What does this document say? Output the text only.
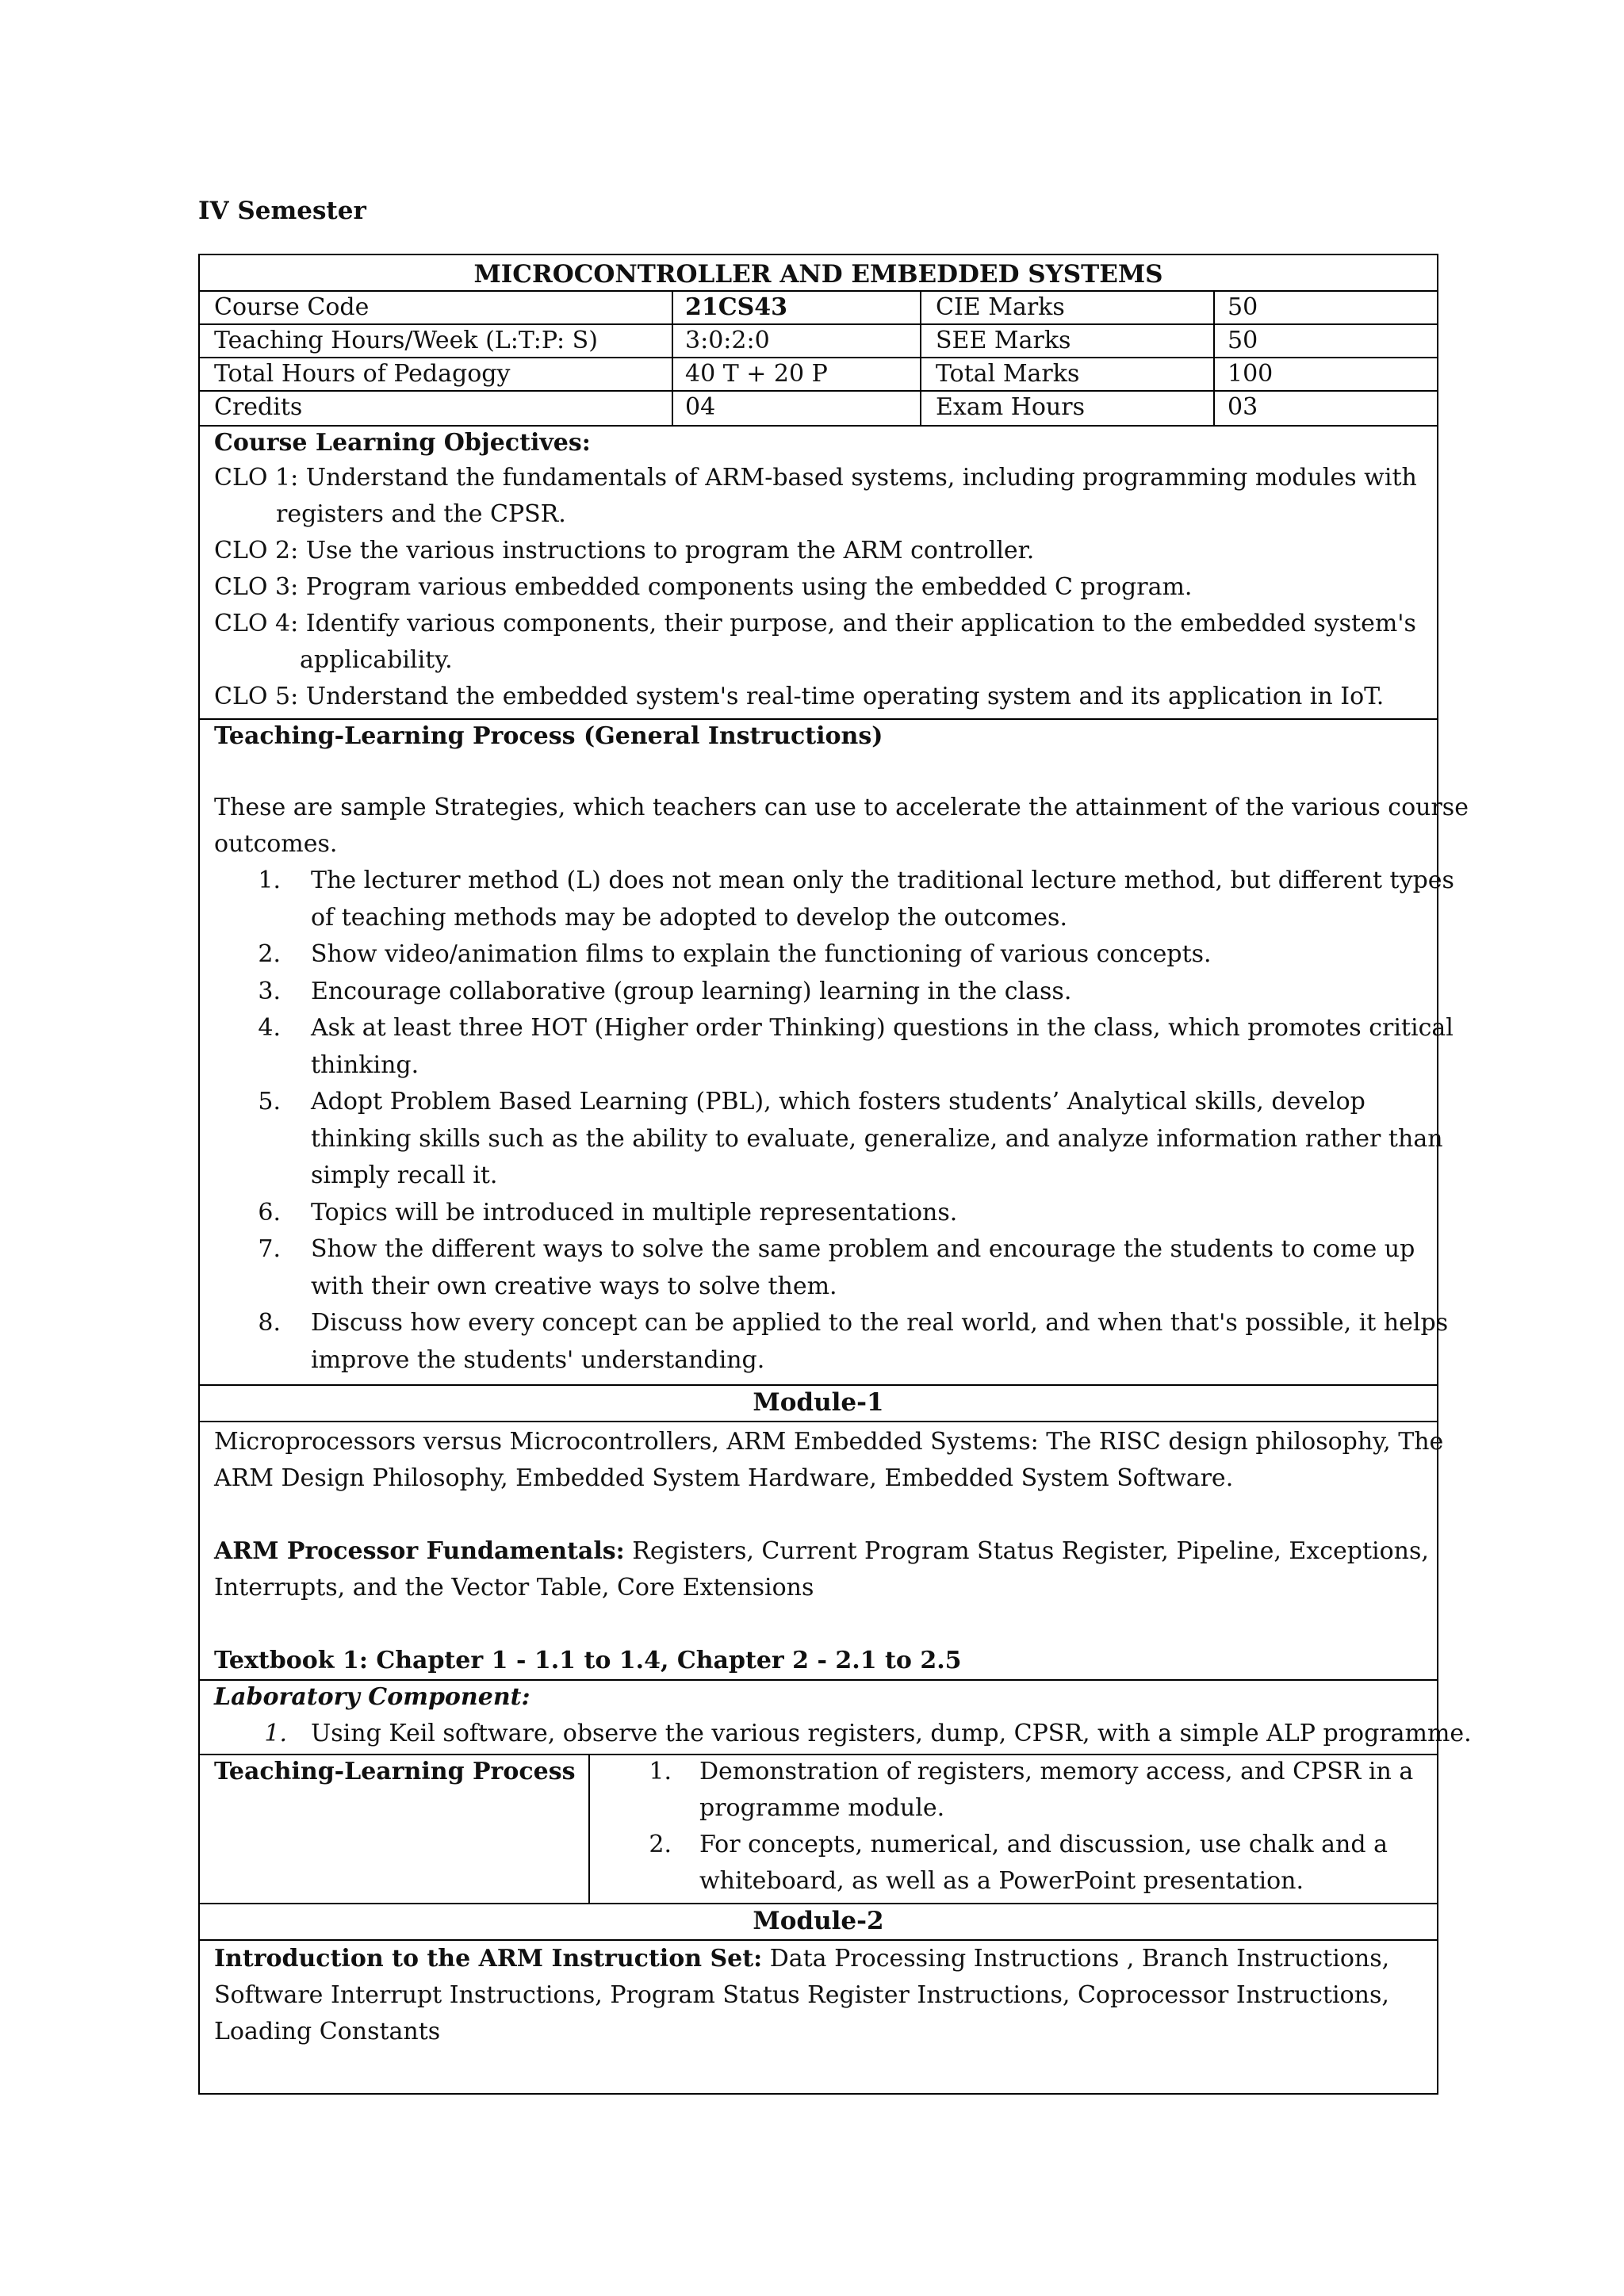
IV Semester
MICROCONTROLLER AND EMBEDDED SYSTEMS
Course Code	21CS43	CIE Marks	50
Teaching Hours/Week (L:T:P: S)	3:0:2:0	SEE Marks	50
Total Hours of Pedagogy	40 T + 20 P	Total Marks	100
Credits	04	Exam Hours	03
Course Learning Objectives:
CLO 1: Understand the fundamentals of ARM-based systems, including programming modules with
registers and the CPSR.
CLO 2: Use the various instructions to program the ARM controller.
CLO 3: Program various embedded components using the embedded C program.
CLO 4: Identify various components, their purpose, and their application to the embedded system's
applicability.
CLO 5: Understand the embedded system's real-time operating system and its application in IoT.
Teaching-Learning Process (General Instructions)
These are sample Strategies, which teachers can use to accelerate the attainment of the various course
outcomes.
1. The lecturer method (L) does not mean only the traditional lecture method, but different types
of teaching methods may be adopted to develop the outcomes.
2. Show video/animation films to explain the functioning of various concepts.
3. Encourage collaborative (group learning) learning in the class.
4. Ask at least three HOT (Higher order Thinking) questions in the class, which promotes critical
thinking.
5. Adopt Problem Based Learning (PBL), which fosters students’ Analytical skills, develop
thinking skills such as the ability to evaluate, generalize, and analyze information rather than
simply recall it.
6. Topics will be introduced in multiple representations.
7. Show the different ways to solve the same problem and encourage the students to come up
with their own creative ways to solve them.
8. Discuss how every concept can be applied to the real world, and when that's possible, it helps
improve the students' understanding.
Module-1
Microprocessors versus Microcontrollers, ARM Embedded Systems: The RISC design philosophy, The
ARM Design Philosophy, Embedded System Hardware, Embedded System Software.
ARM Processor Fundamentals: Registers, Current Program Status Register, Pipeline, Exceptions,
Interrupts, and the Vector Table, Core Extensions
Textbook 1: Chapter 1 - 1.1 to 1.4, Chapter 2 - 2.1 to 2.5
Laboratory Component:
1. Using Keil software, observe the various registers, dump, CPSR, with a simple ALP programme.
Teaching-Learning Process	1. Demonstration of registers, memory access, and CPSR in a
programme module.
2. For concepts, numerical, and discussion, use chalk and a
whiteboard, as well as a PowerPoint presentation.
Module-2
Introduction to the ARM Instruction Set: Data Processing Instructions , Branch Instructions,
Software Interrupt Instructions, Program Status Register Instructions, Coprocessor Instructions,
Loading Constants
